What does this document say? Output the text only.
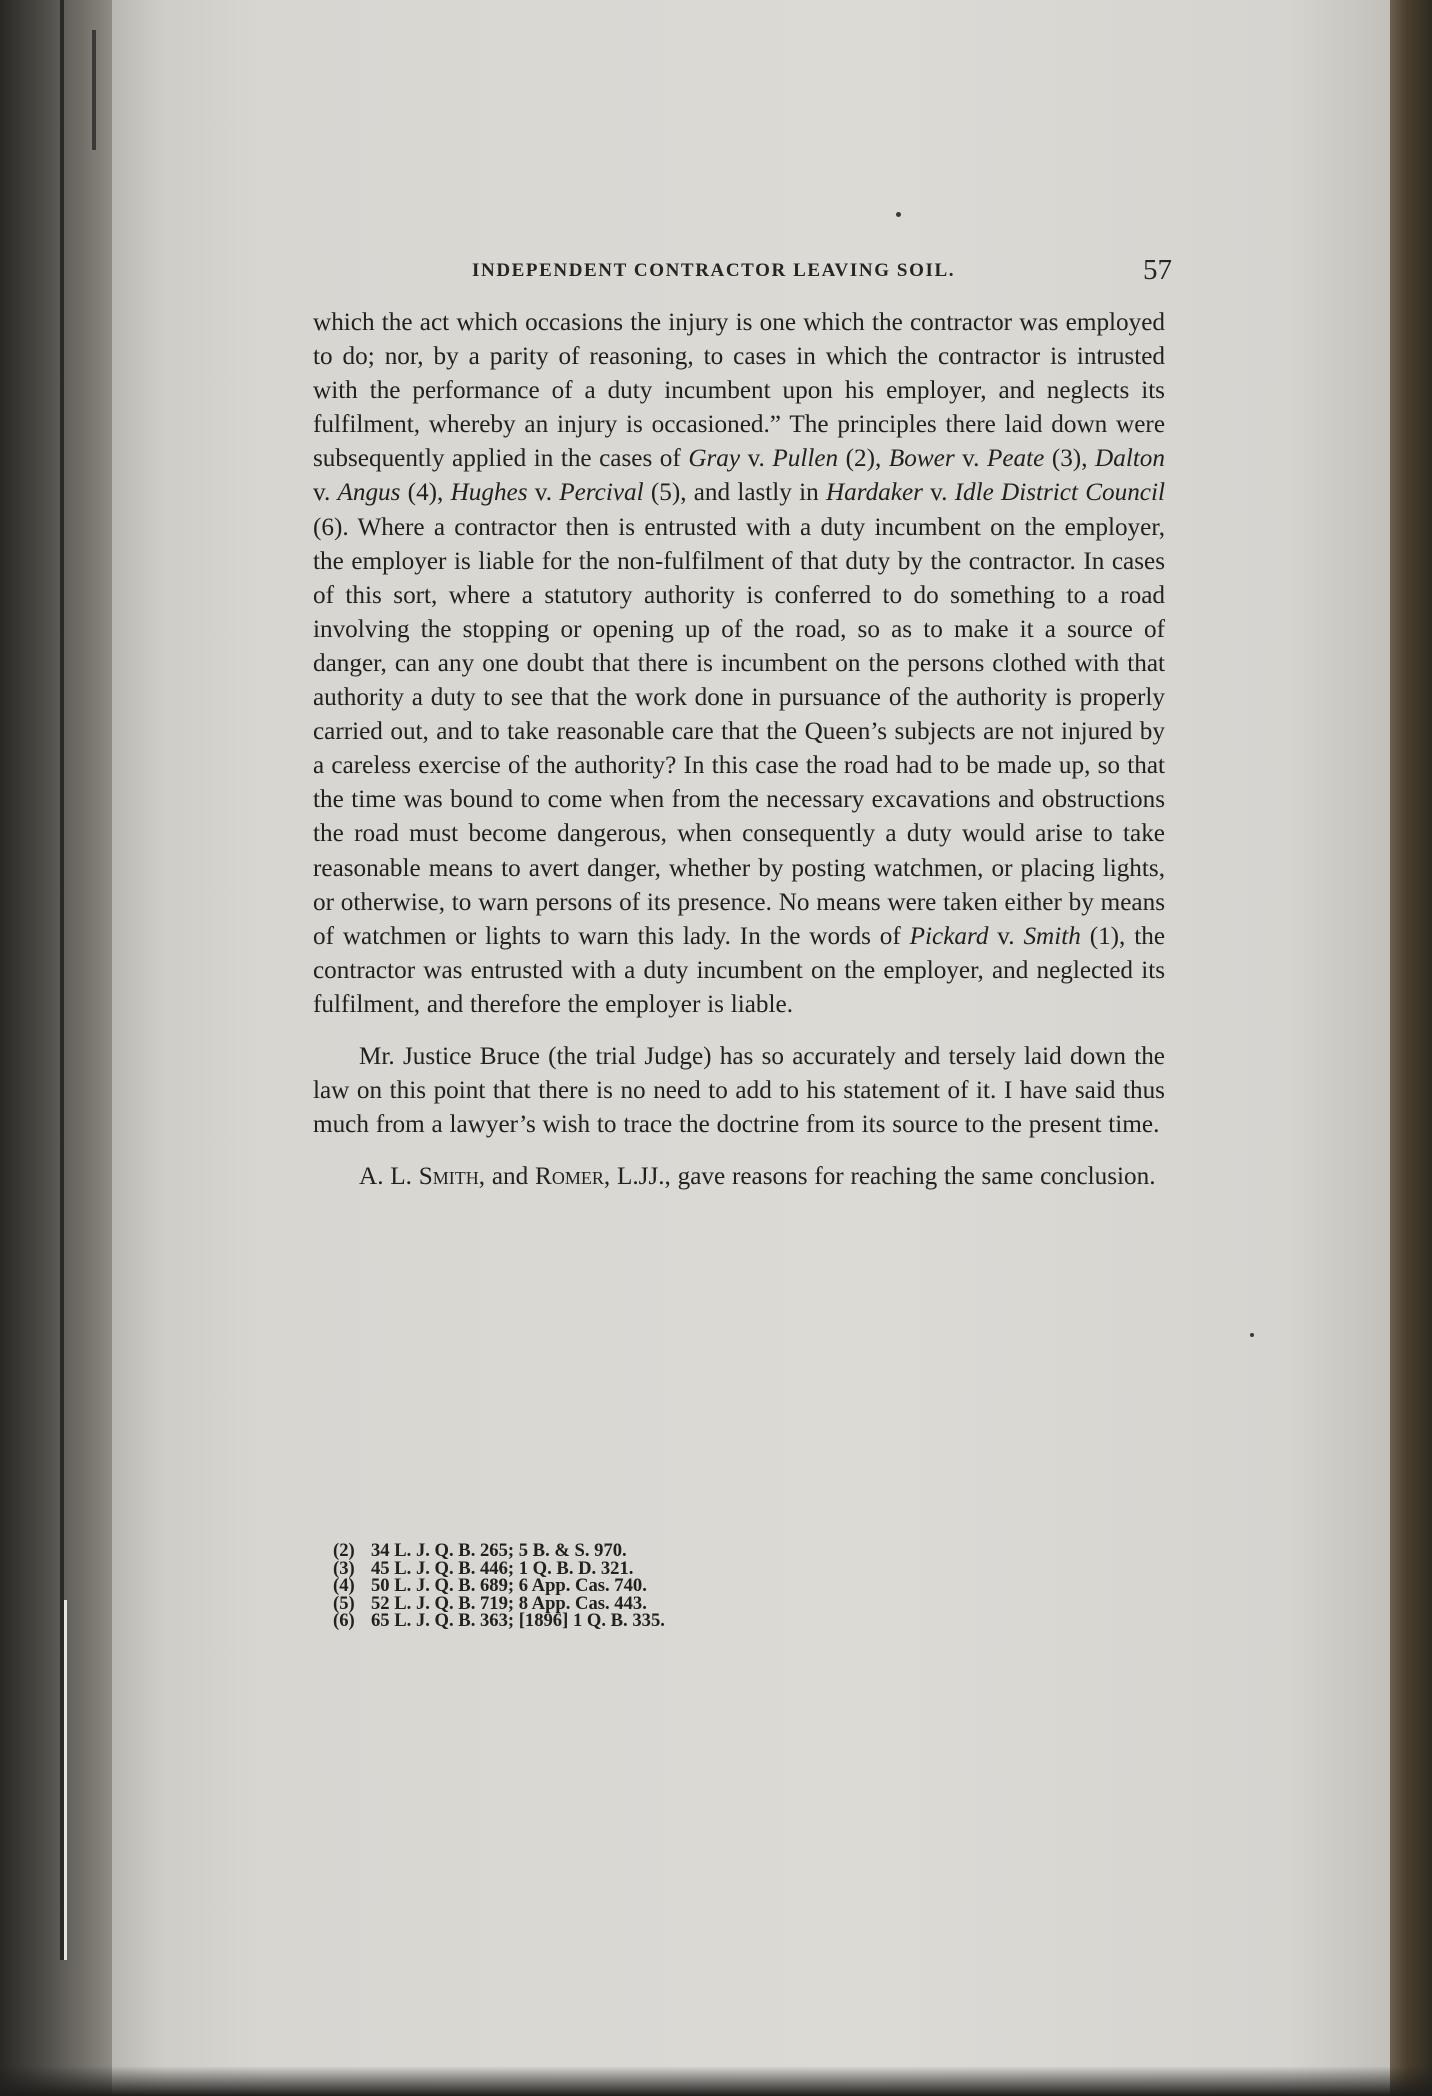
INDEPENDENT CONTRACTOR LEAVING SOIL.	57

which the act which occasions the injury is one which the contractor was employed to do; nor, by a parity of reasoning, to cases in which the contractor is intrusted with the performance of a duty incumbent upon his employer, and neglects its fulfilment, whereby an injury is occasioned.” The principles there laid down were subsequently applied in the cases of Gray v. Pullen (2), Bower v. Peate (3), Dalton v. Angus (4), Hughes v. Percival (5), and lastly in Hardaker v. Idle District Council (6). Where a contractor then is entrusted with a duty incumbent on the employer, the employer is liable for the non-fulfilment of that duty by the contractor. In cases of this sort, where a statutory authority is conferred to do something to a road involving the stopping or opening up of the road, so as to make it a source of danger, can any one doubt that there is incumbent on the persons clothed with that authority a duty to see that the work done in pursuance of the authority is properly carried out, and to take reasonable care that the Queen’s subjects are not injured by a careless exercise of the authority? In this case the road had to be made up, so that the time was bound to come when from the necessary excavations and obstructions the road must become dangerous, when consequently a duty would arise to take reasonable means to avert danger, whether by posting watchmen, or placing lights, or otherwise, to warn persons of its presence. No means were taken either by means of watchmen or lights to warn this lady. In the words of Pickard v. Smith (1), the contractor was entrusted with a duty incumbent on the employer, and neglected its fulfilment, and therefore the employer is liable.

Mr. Justice Bruce (the trial Judge) has so accurately and tersely laid down the law on this point that there is no need to add to his statement of it. I have said thus much from a lawyer’s wish to trace the doctrine from its source to the present time.

A. L. Smith, and Romer, L.JJ., gave reasons for reaching the same conclusion.

(2) 34 L. J. Q. B. 265; 5 B. & S. 970.
(3) 45 L. J. Q. B. 446; 1 Q. B. D. 321.
(4) 50 L. J. Q. B. 689; 6 App. Cas. 740.
(5) 52 L. J. Q. B. 719; 8 App. Cas. 443.
(6) 65 L. J. Q. B. 363; [1896] 1 Q. B. 335.
